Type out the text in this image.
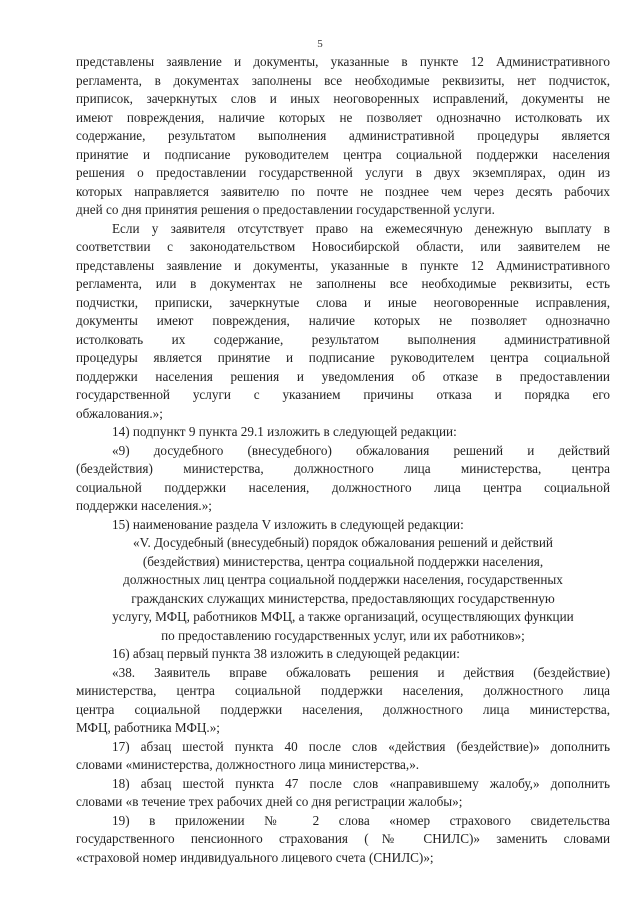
5
представлены заявление и документы, указанные в пункте 12 Административного
регламента, в документах заполнены все необходимые реквизиты, нет подчисток,
приписок, зачеркнутых слов и иных неоговоренных исправлений, документы не
имеют повреждения, наличие которых не позволяет однозначно истолковать их
содержание, результатом выполнения административной процедуры является
принятие и подписание руководителем центра социальной поддержки населения
решения о предоставлении государственной услуги в двух экземплярах, один из
которых направляется заявителю по почте не позднее чем через десять рабочих
дней со дня принятия решения о предоставлении государственной услуги.
Если у заявителя отсутствует право на ежемесячную денежную выплату в
соответствии с законодательством Новосибирской области, или заявителем не
представлены заявление и документы, указанные в пункте 12 Административного
регламента, или в документах не заполнены все необходимые реквизиты, есть
подчистки, приписки, зачеркнутые слова и иные неоговоренные исправления,
документы имеют повреждения, наличие которых не позволяет однозначно
истолковать их содержание, результатом выполнения административной
процедуры является принятие и подписание руководителем центра социальной
поддержки населения решения и уведомления об отказе в предоставлении
государственной услуги с указанием причины отказа и порядка его
обжалования.»;
14) подпункт 9 пункта 29.1 изложить в следующей редакции:
«9) досудебного (внесудебного) обжалования решений и действий
(бездействия) министерства, должностного лица министерства, центра
социальной поддержки населения, должностного лица центра социальной
поддержки населения.»;
15) наименование раздела V изложить в следующей редакции:
«V. Досудебный (внесудебный) порядок обжалования решений и действий
(бездействия) министерства, центра социальной поддержки населения,
должностных лиц центра социальной поддержки населения, государственных
гражданских служащих министерства, предоставляющих государственную
услугу, МФЦ, работников МФЦ, а также организаций, осуществляющих функции
по предоставлению государственных услуг, или их работников»;
16) абзац первый пункта 38 изложить в следующей редакции:
«38. Заявитель вправе обжаловать решения и действия (бездействие)
министерства, центра социальной поддержки населения, должностного лица
центра социальной поддержки населения, должностного лица министерства,
МФЦ, работника МФЦ.»;
17) абзац шестой пункта 40 после слов «действия (бездействие)» дополнить
словами «министерства, должностного лица министерства,».
18) абзац шестой пункта 47 после слов «направившему жалобу,» дополнить
словами «в течение трех рабочих дней со дня регистрации жалобы»;
19) в приложении № 2 слова «номер страхового свидетельства
государственного пенсионного страхования (№ СНИЛС)» заменить словами
«страховой номер индивидуального лицевого счета (СНИЛС)»;
